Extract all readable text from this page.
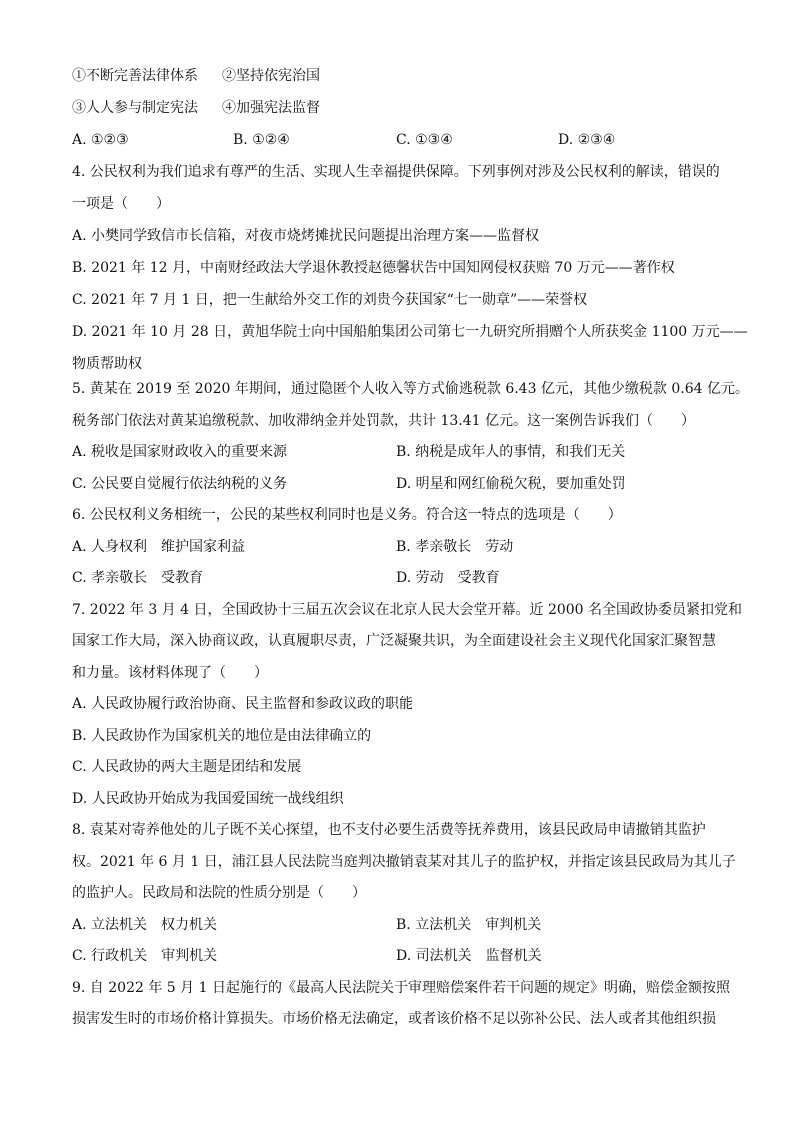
①不断完善法律体系 ②坚持依宪治国
③人人参与制定宪法 ④加强宪法监督
A. ①②③	B. ①②④	C. ①③④	D. ②③④
4. 公民权利为我们追求有尊严的生活、实现人生幸福提供保障。下列事例对涉及公民权利的解读，错误的
一项是（　　）
A. 小樊同学致信市长信箱，对夜市烧烤摊扰民问题提出治理方案——监督权
B. 2021 年 12 月，中南财经政法大学退休教授赵德馨状告中国知网侵权获赔 70 万元——著作权
C. 2021 年 7 月 1 日，把一生献给外交工作的刘贵今获国家“七一勋章”——荣誉权
D. 2021 年 10 月 28 日，黄旭华院士向中国船舶集团公司第七一九研究所捐赠个人所获奖金 1100 万元——
物质帮助权
5. 黄某在 2019 至 2020 年期间，通过隐匿个人收入等方式偷逃税款 6.43 亿元，其他少缴税款 0.64 亿元。
税务部门依法对黄某追缴税款、加收滞纳金并处罚款，共计 13.41 亿元。这一案例告诉我们（　　）
A. 税收是国家财政收入的重要来源	B. 纳税是成年人的事情，和我们无关
C. 公民要自觉履行依法纳税的义务	D. 明星和网红偷税欠税，要加重处罚
6. 公民权利义务相统一，公民的某些权利同时也是义务。符合这一特点的选项是（　　）
A. 人身权利　维护国家利益	B. 孝亲敬长　劳动
C. 孝亲敬长　受教育	D. 劳动　受教育
7. 2022 年 3 月 4 日，全国政协十三届五次会议在北京人民大会堂开幕。近 2000 名全国政协委员紧扣党和
国家工作大局，深入协商议政，认真履职尽责，广泛凝聚共识，为全面建设社会主义现代化国家汇聚智慧
和力量。该材料体现了（　　）
A. 人民政协履行政治协商、民主监督和参政议政的职能
B. 人民政协作为国家机关的地位是由法律确立的
C. 人民政协的两大主题是团结和发展
D. 人民政协开始成为我国爱国统一战线组织
8. 袁某对寄养他处的儿子既不关心探望，也不支付必要生活费等抚养费用，该县民政局申请撤销其监护
权。2021 年 6 月 1 日，浦江县人民法院当庭判决撤销袁某对其儿子的监护权，并指定该县民政局为其儿子
的监护人。民政局和法院的性质分别是（　　）
A. 立法机关　权力机关	B. 立法机关　审判机关
C. 行政机关　审判机关	D. 司法机关　监督机关
9. 自 2022 年 5 月 1 日起施行的《最高人民法院关于审理赔偿案件若干问题的规定》明确，赔偿金额按照
损害发生时的市场价格计算损失。市场价格无法确定，或者该价格不足以弥补公民、法人或者其他组织损
